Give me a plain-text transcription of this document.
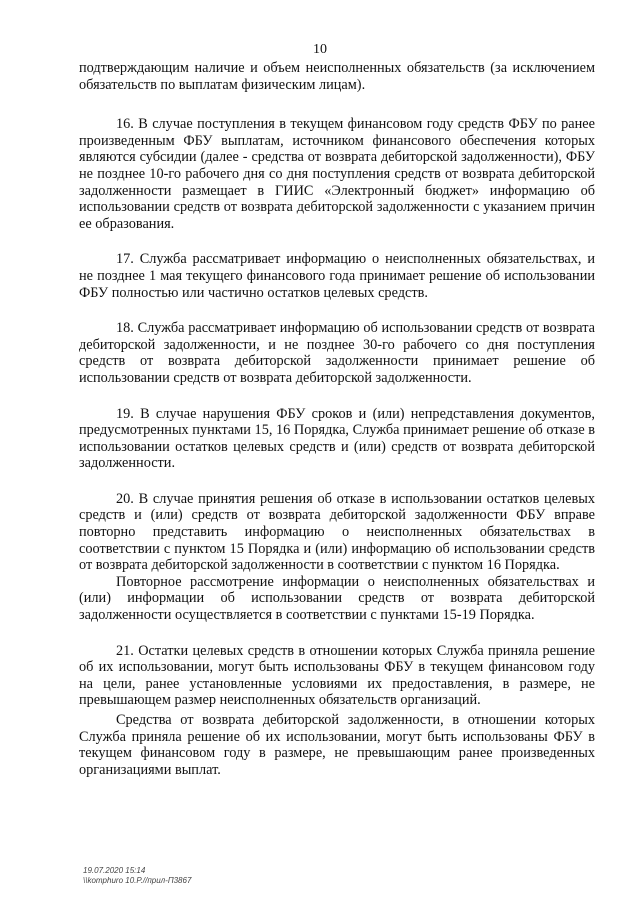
10

подтверждающим наличие и объем неисполненных обязательств (за исключением обязательств по выплатам физическим лицам).

16. В случае поступления в текущем финансовом году средств ФБУ по ранее произведенным ФБУ выплатам, источником финансового обеспечения которых являются субсидии (далее - средства от возврата дебиторской задолженности), ФБУ не позднее 10-го рабочего дня со дня поступления средств от возврата дебиторской задолженности размещает в ГИИС «Электронный бюджет» информацию об использовании средств от возврата дебиторской задолженности с указанием причин ее образования.

17. Служба рассматривает информацию о неисполненных обязательствах, и не позднее 1 мая текущего финансового года принимает решение об использовании ФБУ полностью или частично остатков целевых средств.

18. Служба рассматривает информацию об использовании средств от возврата дебиторской задолженности, и не позднее 30-го рабочего со дня поступления средств от возврата дебиторской задолженности принимает решение об использовании средств от возврата дебиторской задолженности.

19. В случае нарушения ФБУ сроков и (или) непредставления документов, предусмотренных пунктами 15, 16 Порядка, Служба принимает решение об отказе в использовании остатков целевых средств и (или) средств от возврата дебиторской задолженности.

20. В случае принятия решения об отказе в использовании остатков целевых средств и (или) средств от возврата дебиторской задолженности ФБУ вправе повторно представить информацию о неисполненных обязательствах в соответствии с пунктом 15 Порядка и (или) информацию об использовании средств от возврата дебиторской задолженности в соответствии с пунктом 16 Порядка.

Повторное рассмотрение информации о неисполненных обязательствах и (или) информации об использовании средств от возврата дебиторской задолженности осуществляется в соответствии с пунктами 15-19 Порядка.

21. Остатки целевых средств в отношении которых Служба приняла решение об их использовании, могут быть использованы ФБУ в текущем финансовом году на цели, ранее установленные условиями их предоставления, в размере, не превышающем размер неисполненных обязательств организаций.

Средства от возврата дебиторской задолженности, в отношении которых Служба приняла решение об их использовании, могут быть использованы ФБУ в текущем финансовом году в размере, не превышающим ранее произведенных организациями выплат.

19.07.2020 15:14
\\komphuro 10.P.//прил-П3867
